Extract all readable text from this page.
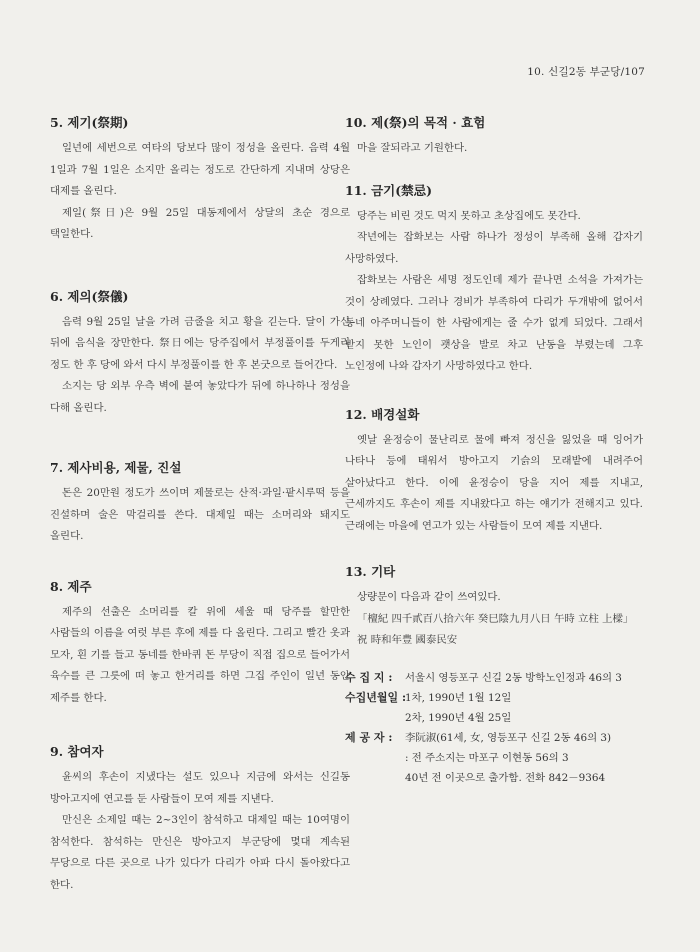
10. 신길2동 부군당/107
5. 제기(祭期)

일년에 세번으로 여타의 당보다 많이 정성을 올린다. 음력 4월 1일과 7월 1일은 소지만 올리는 정도로 간단하게 지내며 상당은 대제를 올린다.

제일(祭日)은 9월 25일 대동제에서 상달의 초순 경으로 택일한다.

6. 제의(祭儀)

음력 9월 25일 날을 가려 금줄을 치고 황을 긷는다. 달이 가신 뒤에 음식을 장만한다. 祭日에는 당주집에서 부정풀이를 두게리 정도 한 후 당에 와서 다시 부정풀이를 한 후 본굿으로 들어간다.

소지는 당 외부 우측 벽에 붙여 놓았다가 뒤에 하나하나 정성을 다해 올린다.

7. 제사비용, 제물, 진설

돈은 20만원 정도가 쓰이며 제물로는 산적·과일·팥시루떡 등을 진설하며 술은 막걸리를 쓴다. 대제일 때는 소머리와 돼지도 올린다.

8. 제주

제주의 선출은 소머리를 칼 위에 세울 때 당주를 할만한 사람들의 이름을 여럿 부른 후에 제를 다 올린다. 그리고 빨간 옷과 모자, 흰 기를 들고 동네를 한바퀴 돈 무당이 직접 집으로 들어가서 육수를 큰 그릇에 떠 놓고 한거리를 하면 그집 주인이 일년 동안 제주를 한다.

9. 참여자

윤씨의 후손이 지냈다는 설도 있으나 지금에 와서는 신길동 방아고지에 연고를 둔 사람들이 모여 제를 지낸다.

만신은 소제일 때는 2~3인이 참석하고 대제일 때는 10여명이 참석한다. 참석하는 만신은 방아고지 부군당에 몇대 계속된 무당으로 다른 곳으로 나가 있다가 다리가 아파 다시 돌아왔다고 한다.

10. 제(祭)의 목적 · 효험

마을 잘되라고 기원한다.

11. 금기(禁忌)

당주는 비린 것도 먹지 못하고 초상집에도 못간다.

작년에는 잡화보는 사람 하나가 정성이 부족해 올해 갑자기 사망하였다.

잡화보는 사람은 세명 정도인데 제가 끝나면 소석을 가져가는 것이 상례였다. 그러나 경비가 부족하여 다리가 두개밖에 없어서 동네 아주머니들이 한 사람에게는 줄 수가 없게 되었다. 그래서 받지 못한 노인이 괫상을 발로 차고 난동을 부렸는데 그후 노인정에 나와 갑자기 사망하였다고 한다.

12. 배경설화

옛날 윤정승이 물난리로 물에 빠져 정신을 잃었을 때 잉어가 나타나 등에 태워서 방아고지 기슭의 모래밭에 내려주어 살아났다고 한다. 이에 윤정승이 당을 지어 제를 지내고, 근세까지도 후손이 제를 지내왔다고 하는 얘기가 전해지고 있다. 근래에는 마을에 연고가 있는 사람들이 모여 제를 지낸다.

13. 기타

상량문이 다음과 같이 쓰여있다.

「檀紀 四千貳百八拾六年 癸巳陰九月八日 午時 立柱 上樑」

祝 時和年豊 國泰民安

수 집 지 :	서울시 영등포구 신길 2동 방학노인정과 46의 3
수집년월일 :
1차, 1990년 1월 12일
2차, 1990년 4월 25일
제 공 자 :	李阮淑(61세, 女, 영등포구 신길 2동 46의 3)
: 전 주소지는 마포구 이현동 56의 3
40년 전 이곳으로 출가함. 전화 842－9364
